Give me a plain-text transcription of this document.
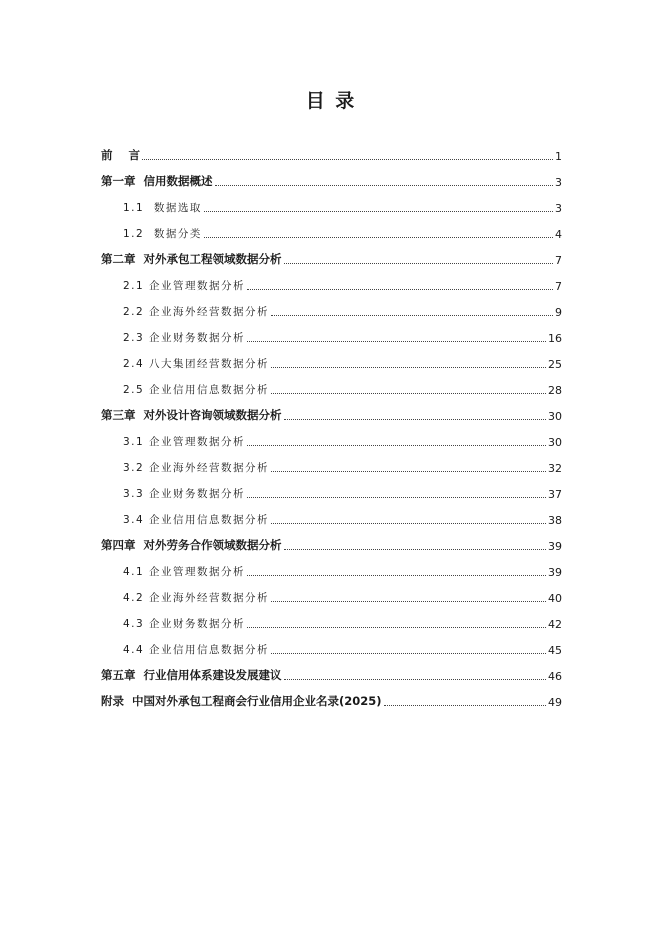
目 录
前    言	1
第一章  信用数据概述	3
1.1  数据选取	3
1.2  数据分类	4
第二章  对外承包工程领域数据分析	7
2.1 企业管理数据分析	7
2.2 企业海外经营数据分析	9
2.3 企业财务数据分析	16
2.4 八大集团经营数据分析	25
2.5 企业信用信息数据分析	28
第三章  对外设计咨询领域数据分析	30
3.1 企业管理数据分析	30
3.2 企业海外经营数据分析	32
3.3 企业财务数据分析	37
3.4 企业信用信息数据分析	38
第四章  对外劳务合作领域数据分析	39
4.1 企业管理数据分析	39
4.2 企业海外经营数据分析	40
4.3 企业财务数据分析	42
4.4 企业信用信息数据分析	45
第五章  行业信用体系建设发展建议	46
附录  中国对外承包工程商会行业信用企业名录(2025)	49
